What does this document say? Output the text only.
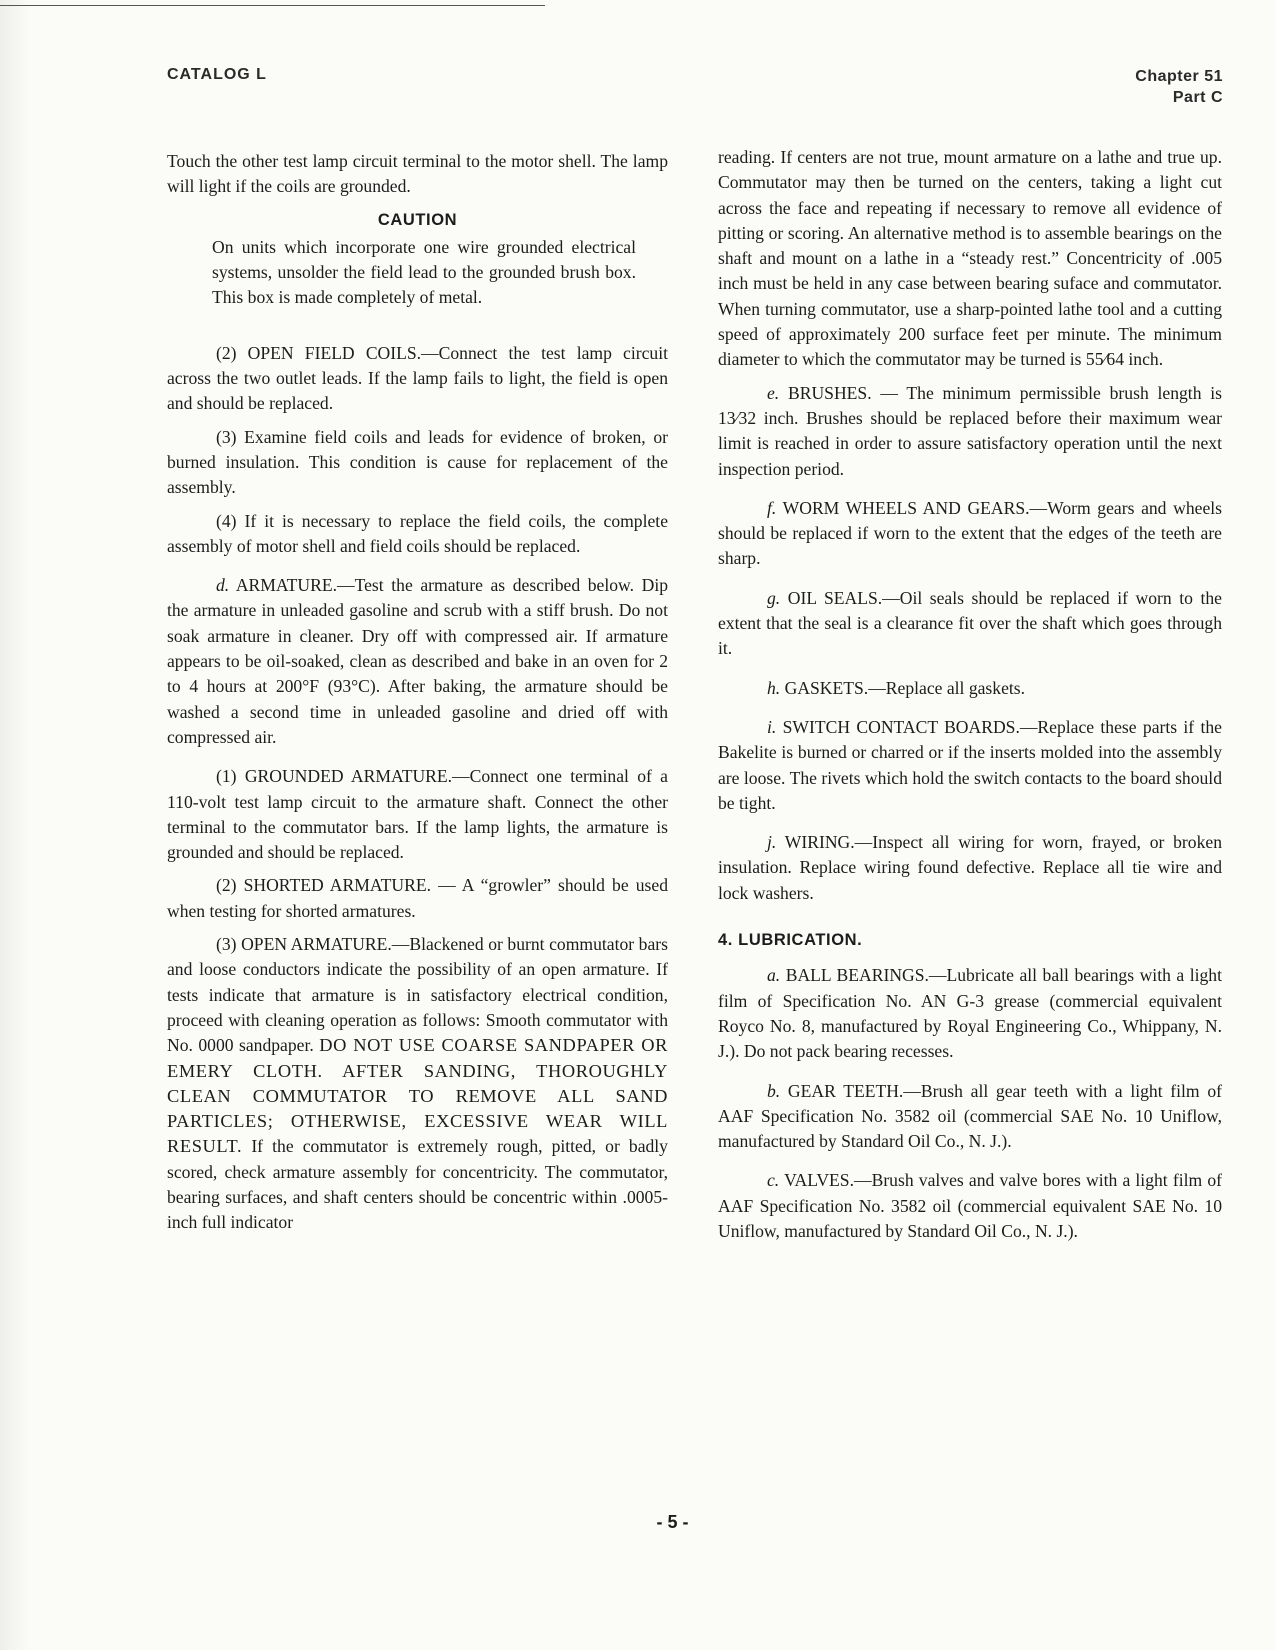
CATALOG L	Chapter 51
Part C

Touch the other test lamp circuit terminal to the motor shell. The lamp will light if the coils are grounded.

CAUTION
On units which incorporate one wire grounded electrical systems, unsolder the field lead to the grounded brush box. This box is made completely of metal.

(2) OPEN FIELD COILS.—Connect the test lamp circuit across the two outlet leads. If the lamp fails to light, the field is open and should be replaced.

(3) Examine field coils and leads for evidence of broken, or burned insulation. This condition is cause for replacement of the assembly.

(4) If it is necessary to replace the field coils, the complete assembly of motor shell and field coils should be replaced.

d. ARMATURE.—Test the armature as described below. Dip the armature in unleaded gasoline and scrub with a stiff brush. Do not soak armature in cleaner. Dry off with compressed air. If armature appears to be oil-soaked, clean as described and bake in an oven for 2 to 4 hours at 200°F (93°C). After baking, the armature should be washed a second time in unleaded gasoline and dried off with compressed air.

(1) GROUNDED ARMATURE.—Connect one terminal of a 110-volt test lamp circuit to the armature shaft. Connect the other terminal to the commutator bars. If the lamp lights, the armature is grounded and should be replaced.

(2) SHORTED ARMATURE. — A “growler” should be used when testing for shorted armatures.

(3) OPEN ARMATURE.—Blackened or burnt commutator bars and loose conductors indicate the possibility of an open armature. If tests indicate that armature is in satisfactory electrical condition, proceed with cleaning operation as follows: Smooth commutator with No. 0000 sandpaper. DO NOT USE COARSE SANDPAPER OR EMERY CLOTH. AFTER SANDING, THOROUGHLY CLEAN COMMUTATOR TO REMOVE ALL SAND PARTICLES; OTHERWISE, EXCESSIVE WEAR WILL RESULT. If the commutator is extremely rough, pitted, or badly scored, check armature assembly for concentricity. The commutator, bearing surfaces, and shaft centers should be concentric within .0005-inch full indicator

reading. If centers are not true, mount armature on a lathe and true up. Commutator may then be turned on the centers, taking a light cut across the face and repeating if necessary to remove all evidence of pitting or scoring. An alternative method is to assemble bearings on the shaft and mount on a lathe in a “steady rest.” Concentricity of .005 inch must be held in any case between bearing suface and commutator. When turning commutator, use a sharp-pointed lathe tool and a cutting speed of approximately 200 surface feet per minute. The minimum diameter to which the commutator may be turned is 55⁄64 inch.

e. BRUSHES. — The minimum permissible brush length is 13⁄32 inch. Brushes should be replaced before their maximum wear limit is reached in order to assure satisfactory operation until the next inspection period.

f. WORM WHEELS AND GEARS.—Worm gears and wheels should be replaced if worn to the extent that the edges of the teeth are sharp.

g. OIL SEALS.—Oil seals should be replaced if worn to the extent that the seal is a clearance fit over the shaft which goes through it.

h. GASKETS.—Replace all gaskets.

i. SWITCH CONTACT BOARDS.—Replace these parts if the Bakelite is burned or charred or if the inserts molded into the assembly are loose. The rivets which hold the switch contacts to the board should be tight.

j. WIRING.—Inspect all wiring for worn, frayed, or broken insulation. Replace wiring found defective. Replace all tie wire and lock washers.

4. LUBRICATION.

a. BALL BEARINGS.—Lubricate all ball bearings with a light film of Specification No. AN G-3 grease (commercial equivalent Royco No. 8, manufactured by Royal Engineering Co., Whippany, N. J.). Do not pack bearing recesses.

b. GEAR TEETH.—Brush all gear teeth with a light film of AAF Specification No. 3582 oil (commercial SAE No. 10 Uniflow, manufactured by Standard Oil Co., N. J.).

c. VALVES.—Brush valves and valve bores with a light film of AAF Specification No. 3582 oil (commercial equivalent SAE No. 10 Uniflow, manufactured by Standard Oil Co., N. J.).

- 5 -
